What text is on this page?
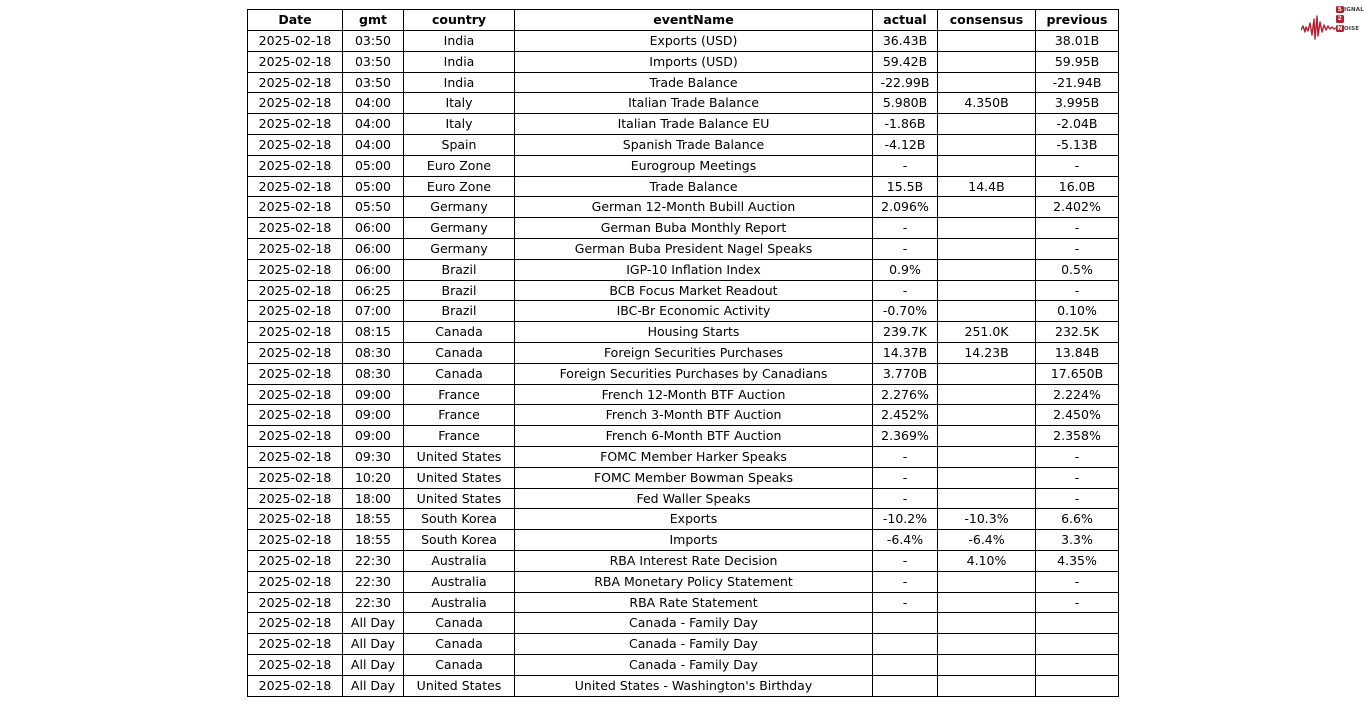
Date	gmt	country	eventName	actual	consensus	previous
2025-02-18	03:50	India	Exports (USD)	36.43B		38.01B
2025-02-18	03:50	India	Imports (USD)	59.42B		59.95B
2025-02-18	03:50	India	Trade Balance	-22.99B		-21.94B
2025-02-18	04:00	Italy	Italian Trade Balance	5.980B	4.350B	3.995B
2025-02-18	04:00	Italy	Italian Trade Balance EU	-1.86B		-2.04B
2025-02-18	04:00	Spain	Spanish Trade Balance	-4.12B		-5.13B
2025-02-18	05:00	Euro Zone	Eurogroup Meetings	-		-
2025-02-18	05:00	Euro Zone	Trade Balance	15.5B	14.4B	16.0B
2025-02-18	05:50	Germany	German 12-Month Bubill Auction	2.096%		2.402%
2025-02-18	06:00	Germany	German Buba Monthly Report	-		-
2025-02-18	06:00	Germany	German Buba President Nagel Speaks	-		-
2025-02-18	06:00	Brazil	IGP-10 Inflation Index	0.9%		0.5%
2025-02-18	06:25	Brazil	BCB Focus Market Readout	-		-
2025-02-18	07:00	Brazil	IBC-Br Economic Activity	-0.70%		0.10%
2025-02-18	08:15	Canada	Housing Starts	239.7K	251.0K	232.5K
2025-02-18	08:30	Canada	Foreign Securities Purchases	14.37B	14.23B	13.84B
2025-02-18	08:30	Canada	Foreign Securities Purchases by Canadians	3.770B		17.650B
2025-02-18	09:00	France	French 12-Month BTF Auction	2.276%		2.224%
2025-02-18	09:00	France	French 3-Month BTF Auction	2.452%		2.450%
2025-02-18	09:00	France	French 6-Month BTF Auction	2.369%		2.358%
2025-02-18	09:30	United States	FOMC Member Harker Speaks	-		-
2025-02-18	10:20	United States	FOMC Member Bowman Speaks	-		-
2025-02-18	18:00	United States	Fed Waller Speaks	-		-
2025-02-18	18:55	South Korea	Exports	-10.2%	-10.3%	6.6%
2025-02-18	18:55	South Korea	Imports	-6.4%	-6.4%	3.3%
2025-02-18	22:30	Australia	RBA Interest Rate Decision	-	4.10%	4.35%
2025-02-18	22:30	Australia	RBA Monetary Policy Statement	-		-
2025-02-18	22:30	Australia	RBA Rate Statement	-		-
2025-02-18	All Day	Canada	Canada - Family Day			
2025-02-18	All Day	Canada	Canada - Family Day			
2025-02-18	All Day	Canada	Canada - Family Day			
2025-02-18	All Day	United States	United States - Washington's Birthday			
S IGNAL
2
N OISE
